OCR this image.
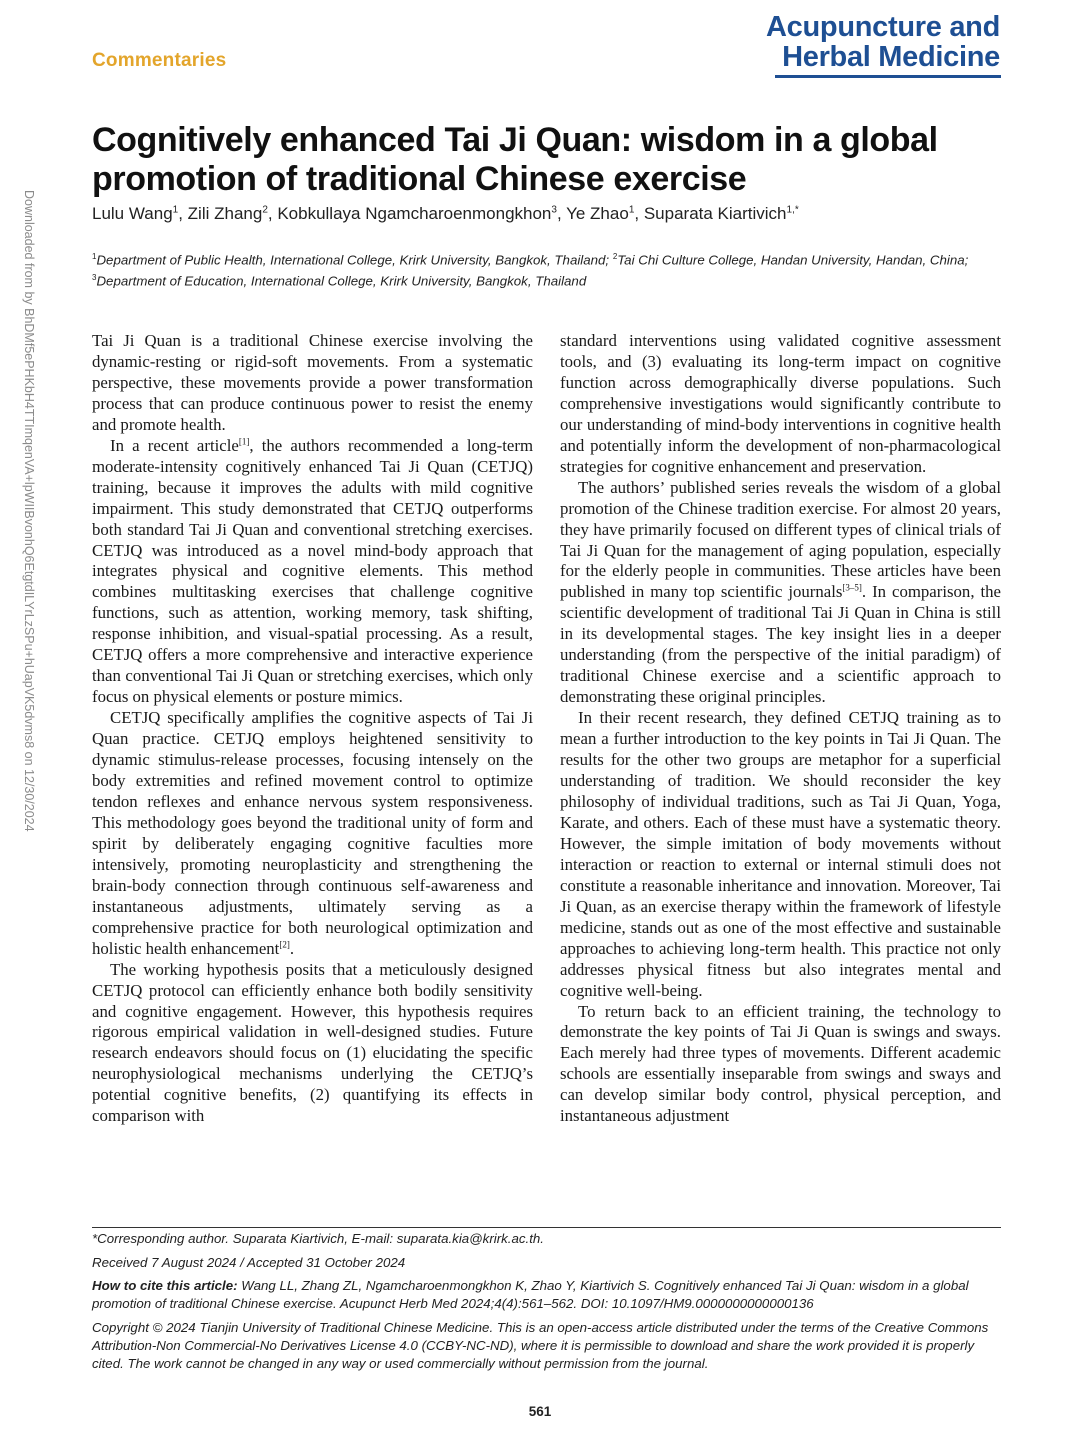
Commentaries
Acupuncture and
Herbal Medicine
Downloaded from by BhDMf5ePHKbH4TTImqenVA+lpWIIBvonhQ6EtgtdILYrLzSPu+hUapVK5dvms8 on 12/30/2024
Cognitively enhanced Tai Ji Quan: wisdom in a global promotion of traditional Chinese exercise
Lulu Wang$^1$, Zili Zhang$^2$, Kobkullaya Ngamcharoenmongkhon$^3$, Ye Zhao$^1$, Suparata Kiartivich$^{1,*}$
$^1$Department of Public Health, International College, Krirk University, Bangkok, Thailand; $^2$Tai Chi Culture College, Handan University, Handan, China; $^3$Department of Education, International College, Krirk University, Bangkok, Thailand

Tai Ji Quan is a traditional Chinese exercise involving the dynamic-resting or rigid-soft movements. From a systematic perspective, these movements provide a power transformation process that can produce continuous power to resist the enemy and promote health.

In a recent article[1], the authors recommended a long-term moderate-intensity cognitively enhanced Tai Ji Quan (CETJQ) training, because it improves the adults with mild cognitive impairment. This study demonstrated that CETJQ outperforms both standard Tai Ji Quan and conventional stretching exercises. CETJQ was introduced as a novel mind-body approach that integrates physical and cognitive elements. This method combines multitasking exercises that challenge cognitive functions, such as attention, working memory, task shifting, response inhibition, and visual-spatial processing. As a result, CETJQ offers a more comprehensive and interactive experience than conventional Tai Ji Quan or stretching exercises, which only focus on physical elements or posture mimics.

CETJQ specifically amplifies the cognitive aspects of Tai Ji Quan practice. CETJQ employs heightened sensitivity to dynamic stimulus-release processes, focusing intensely on the body extremities and refined movement control to optimize tendon reflexes and enhance nervous system responsiveness. This methodology goes beyond the traditional unity of form and spirit by deliberately engaging cognitive faculties more intensively, promoting neuroplasticity and strengthening the brain-body connection through continuous self-awareness and instantaneous adjustments, ultimately serving as a comprehensive practice for both neurological optimization and holistic health enhancement[2].

The working hypothesis posits that a meticulously designed CETJQ protocol can efficiently enhance both bodily sensitivity and cognitive engagement. However, this hypothesis requires rigorous empirical validation in well-designed studies. Future research endeavors should focus on (1) elucidating the specific neurophysiological mechanisms underlying the CETJQ’s potential cognitive benefits, (2) quantifying its effects in comparison with

standard interventions using validated cognitive assessment tools, and (3) evaluating its long-term impact on cognitive function across demographically diverse populations. Such comprehensive investigations would significantly contribute to our understanding of mind-body interventions in cognitive health and potentially inform the development of non-pharmacological strategies for cognitive enhancement and preservation.

The authors’ published series reveals the wisdom of a global promotion of the Chinese tradition exercise. For almost 20 years, they have primarily focused on different types of clinical trials of Tai Ji Quan for the management of aging population, especially for the elderly people in communities. These articles have been published in many top scientific journals[3–5]. In comparison, the scientific development of traditional Tai Ji Quan in China is still in its developmental stages. The key insight lies in a deeper understanding (from the perspective of the initial paradigm) of traditional Chinese exercise and a scientific approach to demonstrating these original principles.

In their recent research, they defined CETJQ training as to mean a further introduction to the key points in Tai Ji Quan. The results for the other two groups are metaphor for a superficial understanding of tradition. We should reconsider the key philosophy of individual traditions, such as Tai Ji Quan, Yoga, Karate, and others. Each of these must have a systematic theory. However, the simple imitation of body movements without interaction or reaction to external or internal stimuli does not constitute a reasonable inheritance and innovation. Moreover, Tai Ji Quan, as an exercise therapy within the framework of lifestyle medicine, stands out as one of the most effective and sustainable approaches to achieving long-term health. This practice not only addresses physical fitness but also integrates mental and cognitive well-being.

To return back to an efficient training, the technology to demonstrate the key points of Tai Ji Quan is swings and sways. Each merely had three types of movements. Different academic schools are essentially inseparable from swings and sways and can develop similar body control, physical perception, and instantaneous adjustment

*Corresponding author. Suparata Kiartivich, E-mail: suparata.kia@krirk.ac.th.
Received 7 August 2024 / Accepted 31 October 2024
How to cite this article: Wang LL, Zhang ZL, Ngamcharoenmongkhon K, Zhao Y, Kiartivich S. Cognitively enhanced Tai Ji Quan: wisdom in a global promotion of traditional Chinese exercise. Acupunct Herb Med 2024;4(4):561–562. DOI: 10.1097/HM9.0000000000000136
Copyright © 2024 Tianjin University of Traditional Chinese Medicine. This is an open-access article distributed under the terms of the Creative Commons Attribution-Non Commercial-No Derivatives License 4.0 (CCBY-NC-ND), where it is permissible to download and share the work provided it is properly cited. The work cannot be changed in any way or used commercially without permission from the journal.
561
